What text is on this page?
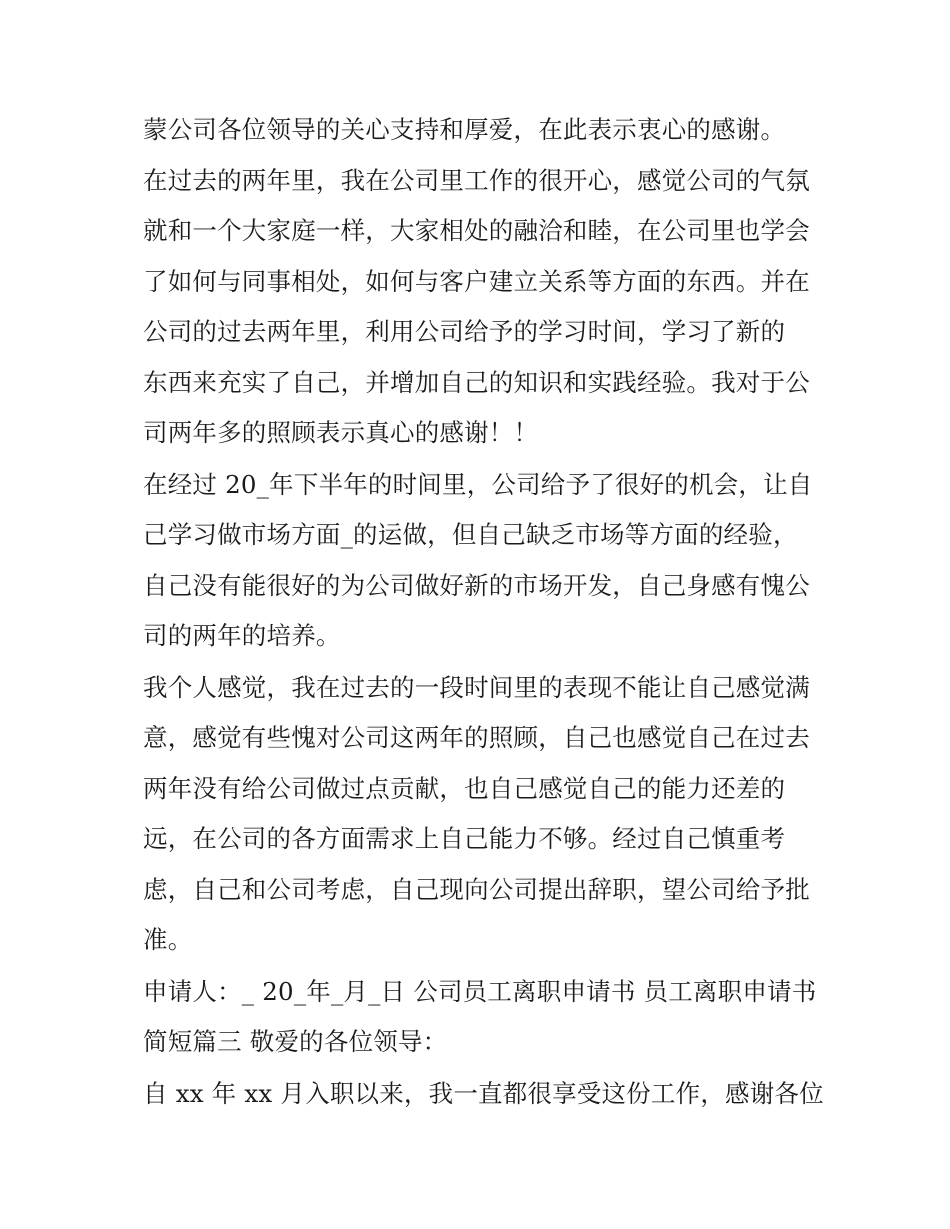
蒙公司各位领导的关心支持和厚爱，在此表示衷心的感谢。
在过去的两年里，我在公司里工作的很开心，感觉公司的气氛
就和一个大家庭一样，大家相处的融洽和睦，在公司里也学会
了如何与同事相处，如何与客户建立关系等方面的东西。并在
公司的过去两年里，利用公司给予的学习时间，学习了新的
东西来充实了自己，并增加自己的知识和实践经验。我对于公
司两年多的照顾表示真心的感谢！！
在经过 20_年下半年的时间里，公司给予了很好的机会，让自
己学习做市场方面_的运做，但自己缺乏市场等方面的经验，
自己没有能很好的为公司做好新的市场开发，自己身感有愧公
司的两年的培养。
我个人感觉，我在过去的一段时间里的表现不能让自己感觉满
意，感觉有些愧对公司这两年的照顾，自己也感觉自己在过去
两年没有给公司做过点贡献，也自己感觉自己的能力还差的
远，在公司的各方面需求上自己能力不够。经过自己慎重考
虑，自己和公司考虑，自己现向公司提出辞职，望公司给予批
准。
申请人：_ 20_年_月_日 公司员工离职申请书 员工离职申请书
简短篇三 敬爱的各位领导：
自 xx 年 xx 月入职以来，我一直都很享受这份工作，感谢各位
